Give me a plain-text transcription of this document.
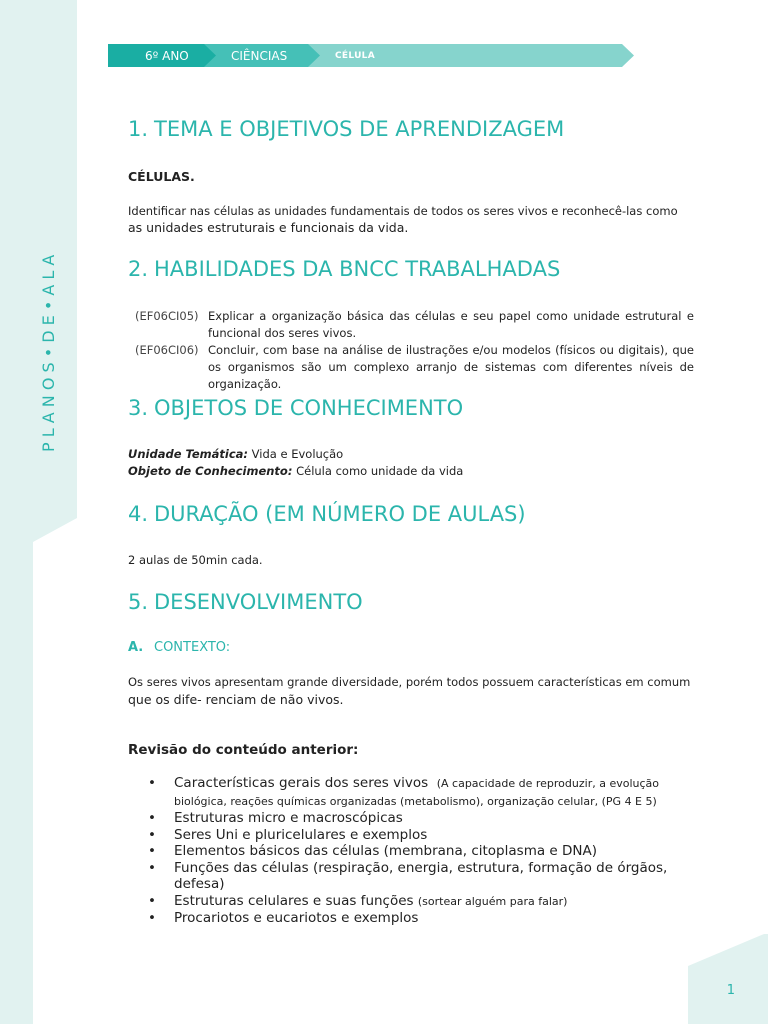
P L A N O S • D E • A L A
1
6º ANO	CIÊNCIAS	CÉLULA
1. TEMA E OBJETIVOS DE APRENDIZAGEM
CÉLULAS.
Identificar nas células as unidades fundamentais de todos os seres vivos e reconhecê-las como
as unidades estruturais e funcionais da vida.
2. HABILIDADES DA BNCC TRABALHADAS
(EF06CI05) Explicar a organização básica das células e seu papel como unidade estrutural e funcional dos seres vivos.
(EF06CI06) Concluir, com base na análise de ilustrações e/ou modelos (físicos ou digitais), que os organismos são um complexo arranjo de sistemas com diferentes níveis de organização.
3. OBJETOS DE CONHECIMENTO
Unidade Temática: Vida e Evolução
Objeto de Conhecimento: Célula como unidade da vida
4. DURAÇÃO (EM NÚMERO DE AULAS)
2 aulas de 50min cada.
5. DESENVOLVIMENTO
A. CONTEXTO:
Os seres vivos apresentam grande diversidade, porém todos possuem características em comum
que os dife- renciam de não vivos.
Revisão do conteúdo anterior:
• Características gerais dos seres vivos (A capacidade de reproduzir, a evolução
biológica, reações químicas organizadas (metabolismo), organização celular, (PG 4 E 5)
• Estruturas micro e macroscópicas
• Seres Uni e pluricelulares e exemplos
• Elementos básicos das células (membrana, citoplasma e DNA)
• Funções das células (respiração, energia, estrutura, formação de órgãos, defesa)
• Estruturas celulares e suas funções (sortear alguém para falar)
• Procariotos e eucariotos e exemplos
